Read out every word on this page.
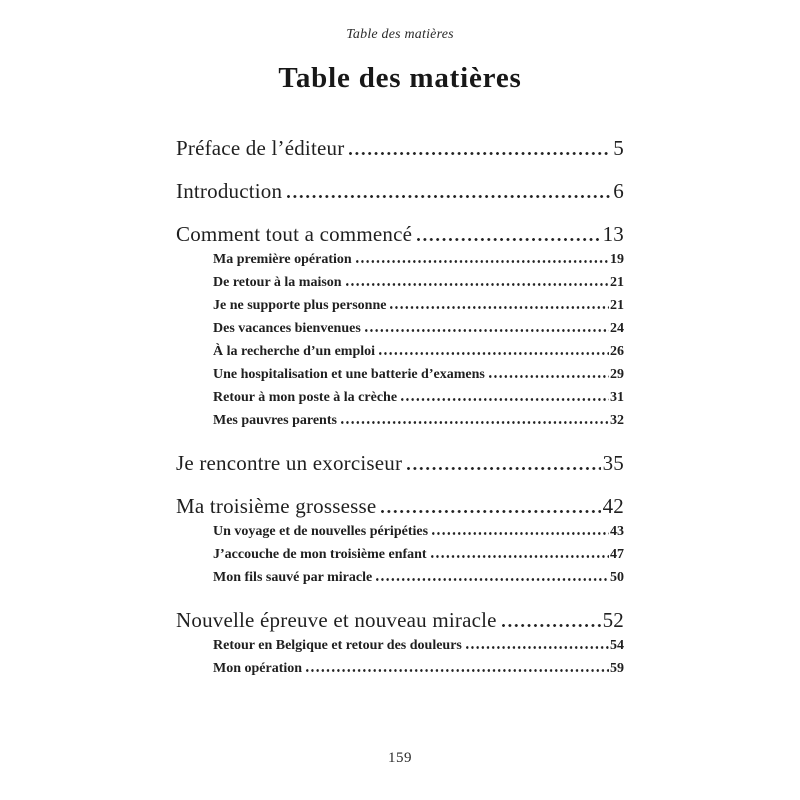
Table des matières
Table des matières
Préface de l’éditeur	5
Introduction	6
Comment tout a commencé	13
Ma première opération	19
De retour à la maison	21
Je ne supporte plus personne	21
Des vacances bienvenues	24
À la recherche d’un emploi	26
Une hospitalisation et une batterie d’examens	29
Retour à mon poste à la crèche	31
Mes pauvres parents	32
Je rencontre un exorciseur	35
Ma troisième grossesse	42
Un voyage et de nouvelles péripéties	43
J’accouche de mon troisième enfant	47
Mon fils sauvé par miracle	50
Nouvelle épreuve et nouveau miracle	52
Retour en Belgique et retour des douleurs	54
Mon opération	59
159
